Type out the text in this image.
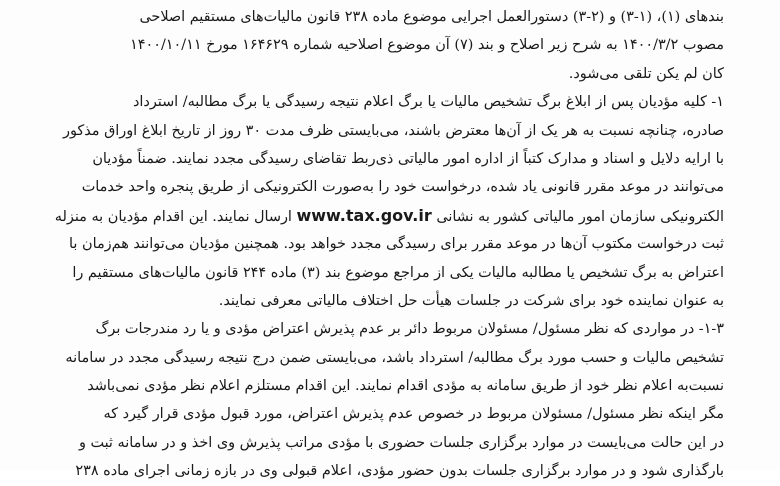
بندهای (۱)، (۱-۳) و (۲-۳) دستورالعمل اجرایی موضوع ماده ۲۳۸ قانون مالیات‌های مستقیم اصلاحی
مصوب ۱۴۰۰/۳/۲ به شرح زیر اصلاح و بند (۷) آن موضوع اصلاحیه شماره ۱۶۴۶۲۹ مورخ ۱۴۰۰/۱۰/۱۱
کان لم یکن تلقی می‌شود.
۱- کلیه مؤدیان پس از ابلاغ برگ تشخیص مالیات یا برگ اعلام نتیجه رسیدگی یا برگ مطالبه/ استرداد
صادره، چنانچه نسبت به هر یک از آن‌ها معترض باشند، می‌بایستی ظرف مدت ۳۰ روز از تاریخ ابلاغ اوراق مذکور
با ارایه دلایل و اسناد و مدارک کتباً از اداره امور مالیاتی ذی‌ربط تقاضای رسیدگی مجدد نمایند. ضمناً مؤدیان
می‌توانند در موعد مقرر قانونی یاد شده، درخواست خود را به‌صورت الکترونیکی از طریق پنجره واحد خدمات
الکترونیکی سازمان امور مالیاتی کشور به نشانی www.tax.gov.ir ارسال نمایند. این اقدام مؤدیان به منزله
ثبت درخواست مکتوب آن‌ها در موعد مقرر برای رسیدگی مجدد خواهد بود. همچنین مؤدیان می‌توانند هم‌زمان با
اعتراض به برگ تشخیص یا مطالبه مالیات یکی از مراجع موضوع بند (۳) ماده ۲۴۴ قانون مالیات‌های مستقیم را
به عنوان نماینده خود برای شرکت در جلسات هیأت حل اختلاف مالیاتی معرفی نمایند.
۱-۳- در مواردی که نظر مسئول/ مسئولان مربوط دائر بر عدم پذیرش اعتراض مؤدی و یا رد مندرجات برگ
تشخیص مالیات و حسب مورد برگ مطالبه/ استرداد باشد، می‌بایستی ضمن درج نتیجه رسیدگی مجدد در سامانه
نسبت‌به اعلام نظر خود از طریق سامانه به مؤدی اقدام نمایند. این اقدام مستلزم اعلام نظر مؤدی نمی‌باشد
مگر اینکه نظر مسئول/ مسئولان مربوط در خصوص عدم پذیرش اعتراض، مورد قبول مؤدی قرار گیرد که
در این حالت می‌بایست در موارد برگزاری جلسات حضوری با مؤدی مراتب پذیرش وی اخذ و در سامانه ثبت و
بارگذاری شود و در موارد برگزاری جلسات بدون حضور مؤدی، اعلام قبولی وی در بازه زمانی اجرای ماده ۲۳۸
